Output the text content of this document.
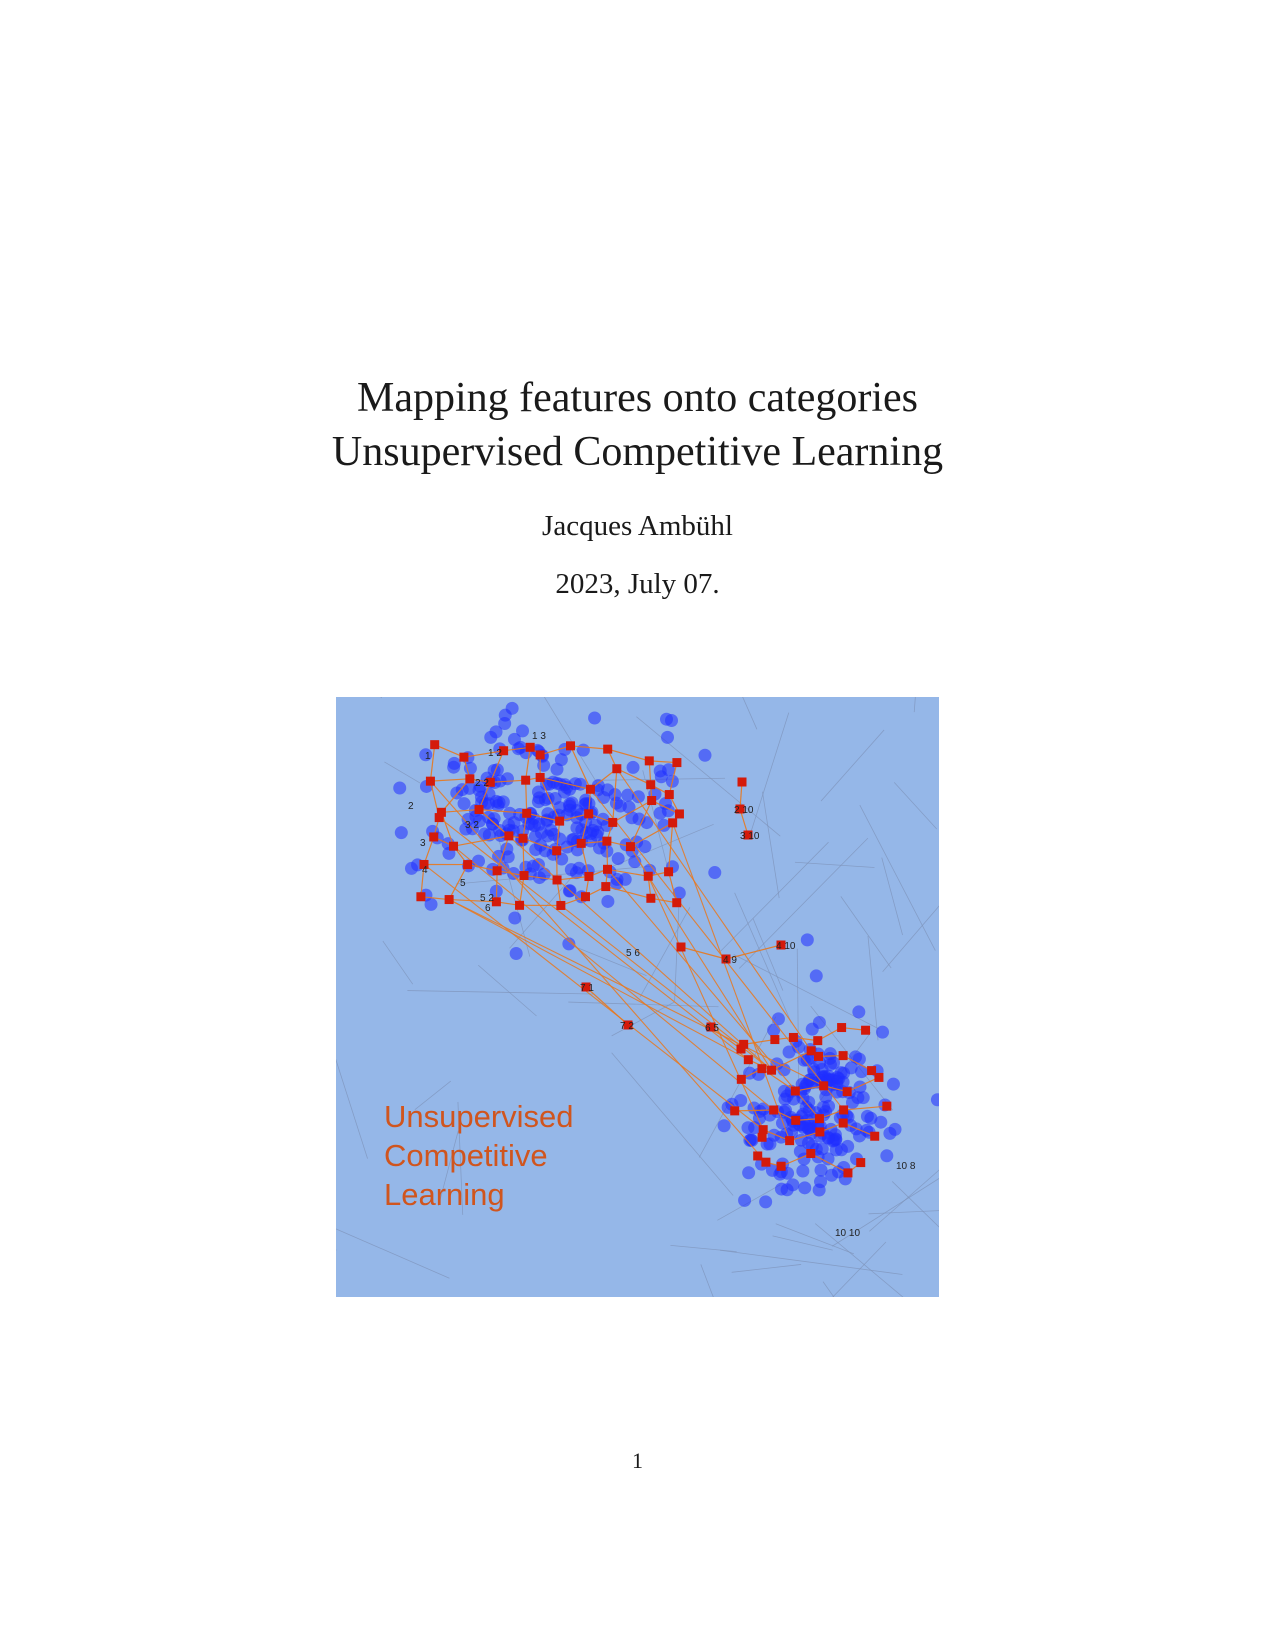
Mapping features onto categories
Unsupervised Competitive Learning
Jacques Ambühl
2023, July 07.
1	1 2
1 3
2
2 2
3
3 2
4
5
5 2
6
7 1
7 2
4 10
2 10
3 10
4 9
5 6
6 5
10 8
10 10
Unsupervised
Competitive
Learning
1
